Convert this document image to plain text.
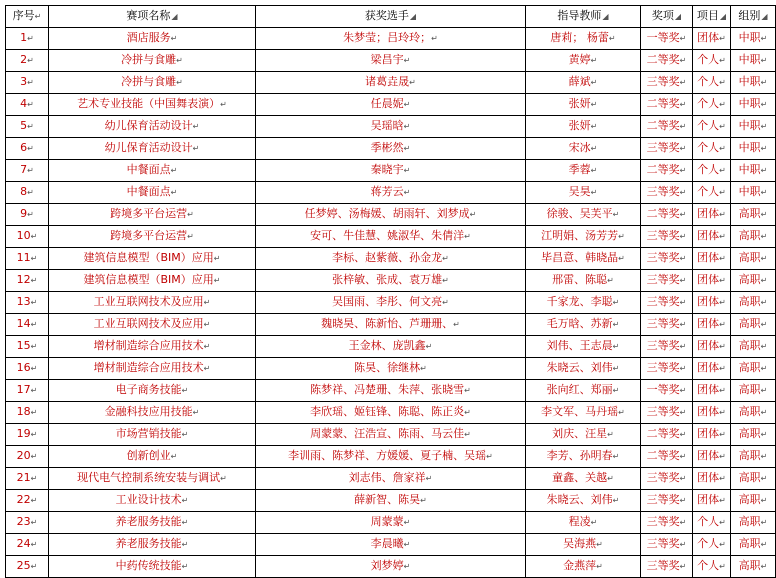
序号↵	赛项名称◢	获奖选手◢	指导教师◢	奖项◢	项目◢	组别◢
1↵	酒店服务↵	朱梦莹；吕玲玲；↵	唐莉； 杨蕾↵	一等奖↵	团体↵	中职↵
2↵	冷拼与食雕↵	梁昌宇↵	黄婷↵	二等奖↵	个人↵	中职↵
3↵	冷拼与食雕↵	诸葛垚晟↵	薛斌↵	三等奖↵	个人↵	中职↵
4↵	艺术专业技能（中国舞表演）↵	任晨妮↵	张妍↵	二等奖↵	个人↵	中职↵
5↵	幼儿保育活动设计↵	吴瑶晗↵	张妍↵	二等奖↵	个人↵	中职↵
6↵	幼儿保育活动设计↵	季彬然↵	宋冰↵	三等奖↵	个人↵	中职↵
7↵	中餐面点↵	秦晓宇↵	季蓉↵	二等奖↵	个人↵	中职↵
8↵	中餐面点↵	蒋芳云↵	吴昊↵	三等奖↵	个人↵	中职↵
9↵	跨境多平台运营↵	任梦婷、汤梅媛、胡雨轩、刘梦成↵	徐骏、吴芙平↵	二等奖↵	团体↵	高职↵
10↵	跨境多平台运营↵	安可、牛佳慧、姚淑华、朱倩洋↵	江明娟、汤芳芳↵	三等奖↵	团体↵	高职↵
11↵	建筑信息模型（BIM）应用↵	李标、赵紫薇、孙金龙↵	毕昌意、韩晓晶↵	三等奖↵	团体↵	高职↵
12↵	建筑信息模型（BIM）应用↵	张梓敏、张成、袁万雄↵	邢雷、陈聪↵	三等奖↵	团体↵	高职↵
13↵	工业互联网技术及应用↵	吴国雨、李彤、何文亮↵	千家龙、李聪↵	三等奖↵	团体↵	高职↵
14↵	工业互联网技术及应用↵	魏晓昊、陈新怡、芦珊珊、↵	毛万晗、苏新↵	三等奖↵	团体↵	高职↵
15↵	增材制造综合应用技术↵	王金林、庞凯鑫↵	刘伟、王志晨↵	三等奖↵	团体↵	高职↵
16↵	增材制造综合应用技术↵	陈昊、徐继林↵	朱晓云、刘伟↵	三等奖↵	团体↵	高职↵
17↵	电子商务技能↵	陈梦祥、冯楚珊、朱萍、张晓雪↵	张向红、郑丽↵	一等奖↵	团体↵	高职↵
18↵	金融科技应用技能↵	李欣瑶、姬钰锋、陈聪、陈正炎↵	李文军、马丹瑶↵	三等奖↵	团体↵	高职↵
19↵	市场营销技能↵	周蒙蒙、汪浩宣、陈雨、马云佳↵	刘庆、汪星↵	二等奖↵	团体↵	高职↵
20↵	创新创业↵	李训雨、陈梦祥、方媛媛、夏子楠、吴瑶↵	李芳、孙明春↵	二等奖↵	团体↵	高职↵
21↵	现代电气控制系统安装与调试↵	刘志伟、詹家祥↵	童鑫、关越↵	三等奖↵	团体↵	高职↵
22↵	工业设计技术↵	薛新智、陈昊↵	朱晓云、刘伟↵	三等奖↵	团体↵	高职↵
23↵	养老服务技能↵	周蒙蒙↵	程凌↵	三等奖↵	个人↵	高职↵
24↵	养老服务技能↵	李晨曦↵	吴海燕↵	三等奖↵	个人↵	高职↵
25↵	中药传统技能↵	刘梦婷↵	金燕萍↵	三等奖↵	个人↵	高职↵
